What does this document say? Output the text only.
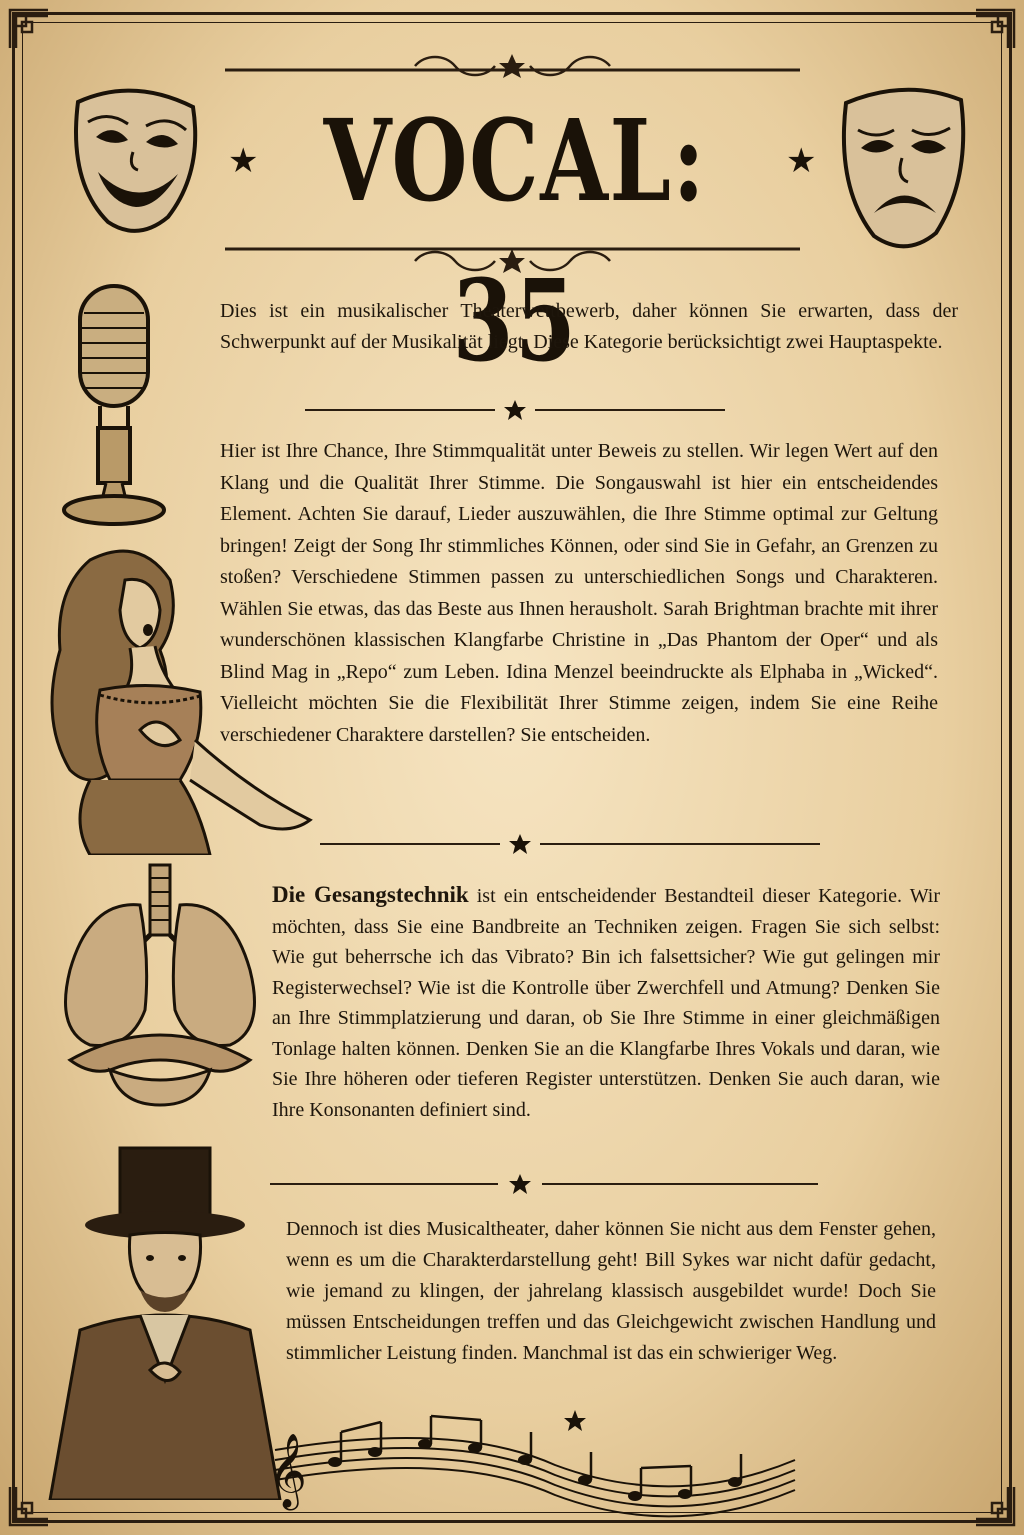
★ VOCAL: 35
★
𝄞

Dies ist ein musikalischer Theaterwettbewerb, daher können Sie erwarten, dass der Schwerpunkt auf der Musikalität liegt. Diese Kategorie berücksichtigt zwei Hauptaspekte.

Hier ist Ihre Chance, Ihre Stimmqualität unter Beweis zu stellen. Wir legen Wert auf den Klang und die Qualität Ihrer Stimme. Die Songauswahl ist hier ein entscheidendes Element. Achten Sie darauf, Lieder auszuwählen, die Ihre Stimme optimal zur Geltung bringen! Zeigt der Song Ihr stimmliches Können, oder sind Sie in Gefahr, an Grenzen zu stoßen? Verschiedene Stimmen passen zu unterschiedlichen Songs und Charakteren. Wählen Sie etwas, das das Beste aus Ihnen herausholt. Sarah Brightman brachte mit ihrer wunderschönen klassischen Klangfarbe Christine in „Das Phantom der Oper“ und als Blind Mag in „Repo“ zum Leben. Idina Menzel beeindruckte als Elphaba in „Wicked“. Vielleicht möchten Sie die Flexibilität Ihrer Stimme zeigen, indem Sie eine Reihe verschiedener Charaktere darstellen? Sie entscheiden.

Die Gesangstechnik ist ein entscheidender Bestandteil dieser Kategorie. Wir möchten, dass Sie eine Bandbreite an Techniken zeigen. Fragen Sie sich selbst: Wie gut beherrsche ich das Vibrato? Bin ich falsettsicher? Wie gut gelingen mir Registerwechsel? Wie ist die Kontrolle über Zwerchfell und Atmung? Denken Sie an Ihre Stimmplatzierung und daran, ob Sie Ihre Stimme in einer gleichmäßigen Tonlage halten können. Denken Sie an die Klangfarbe Ihres Vokals und daran, wie Sie Ihre höheren oder tieferen Register unterstützen. Denken Sie auch daran, wie Ihre Konsonanten definiert sind.

Dennoch ist dies Musicaltheater, daher können Sie nicht aus dem Fenster gehen, wenn es um die Charakterdarstellung geht! Bill Sykes war nicht dafür gedacht, wie jemand zu klingen, der jahrelang klassisch ausgebildet wurde! Doch Sie müssen Entscheidungen treffen und das Gleichgewicht zwischen Handlung und stimmlicher Leistung finden. Manchmal ist das ein schwieriger Weg.
